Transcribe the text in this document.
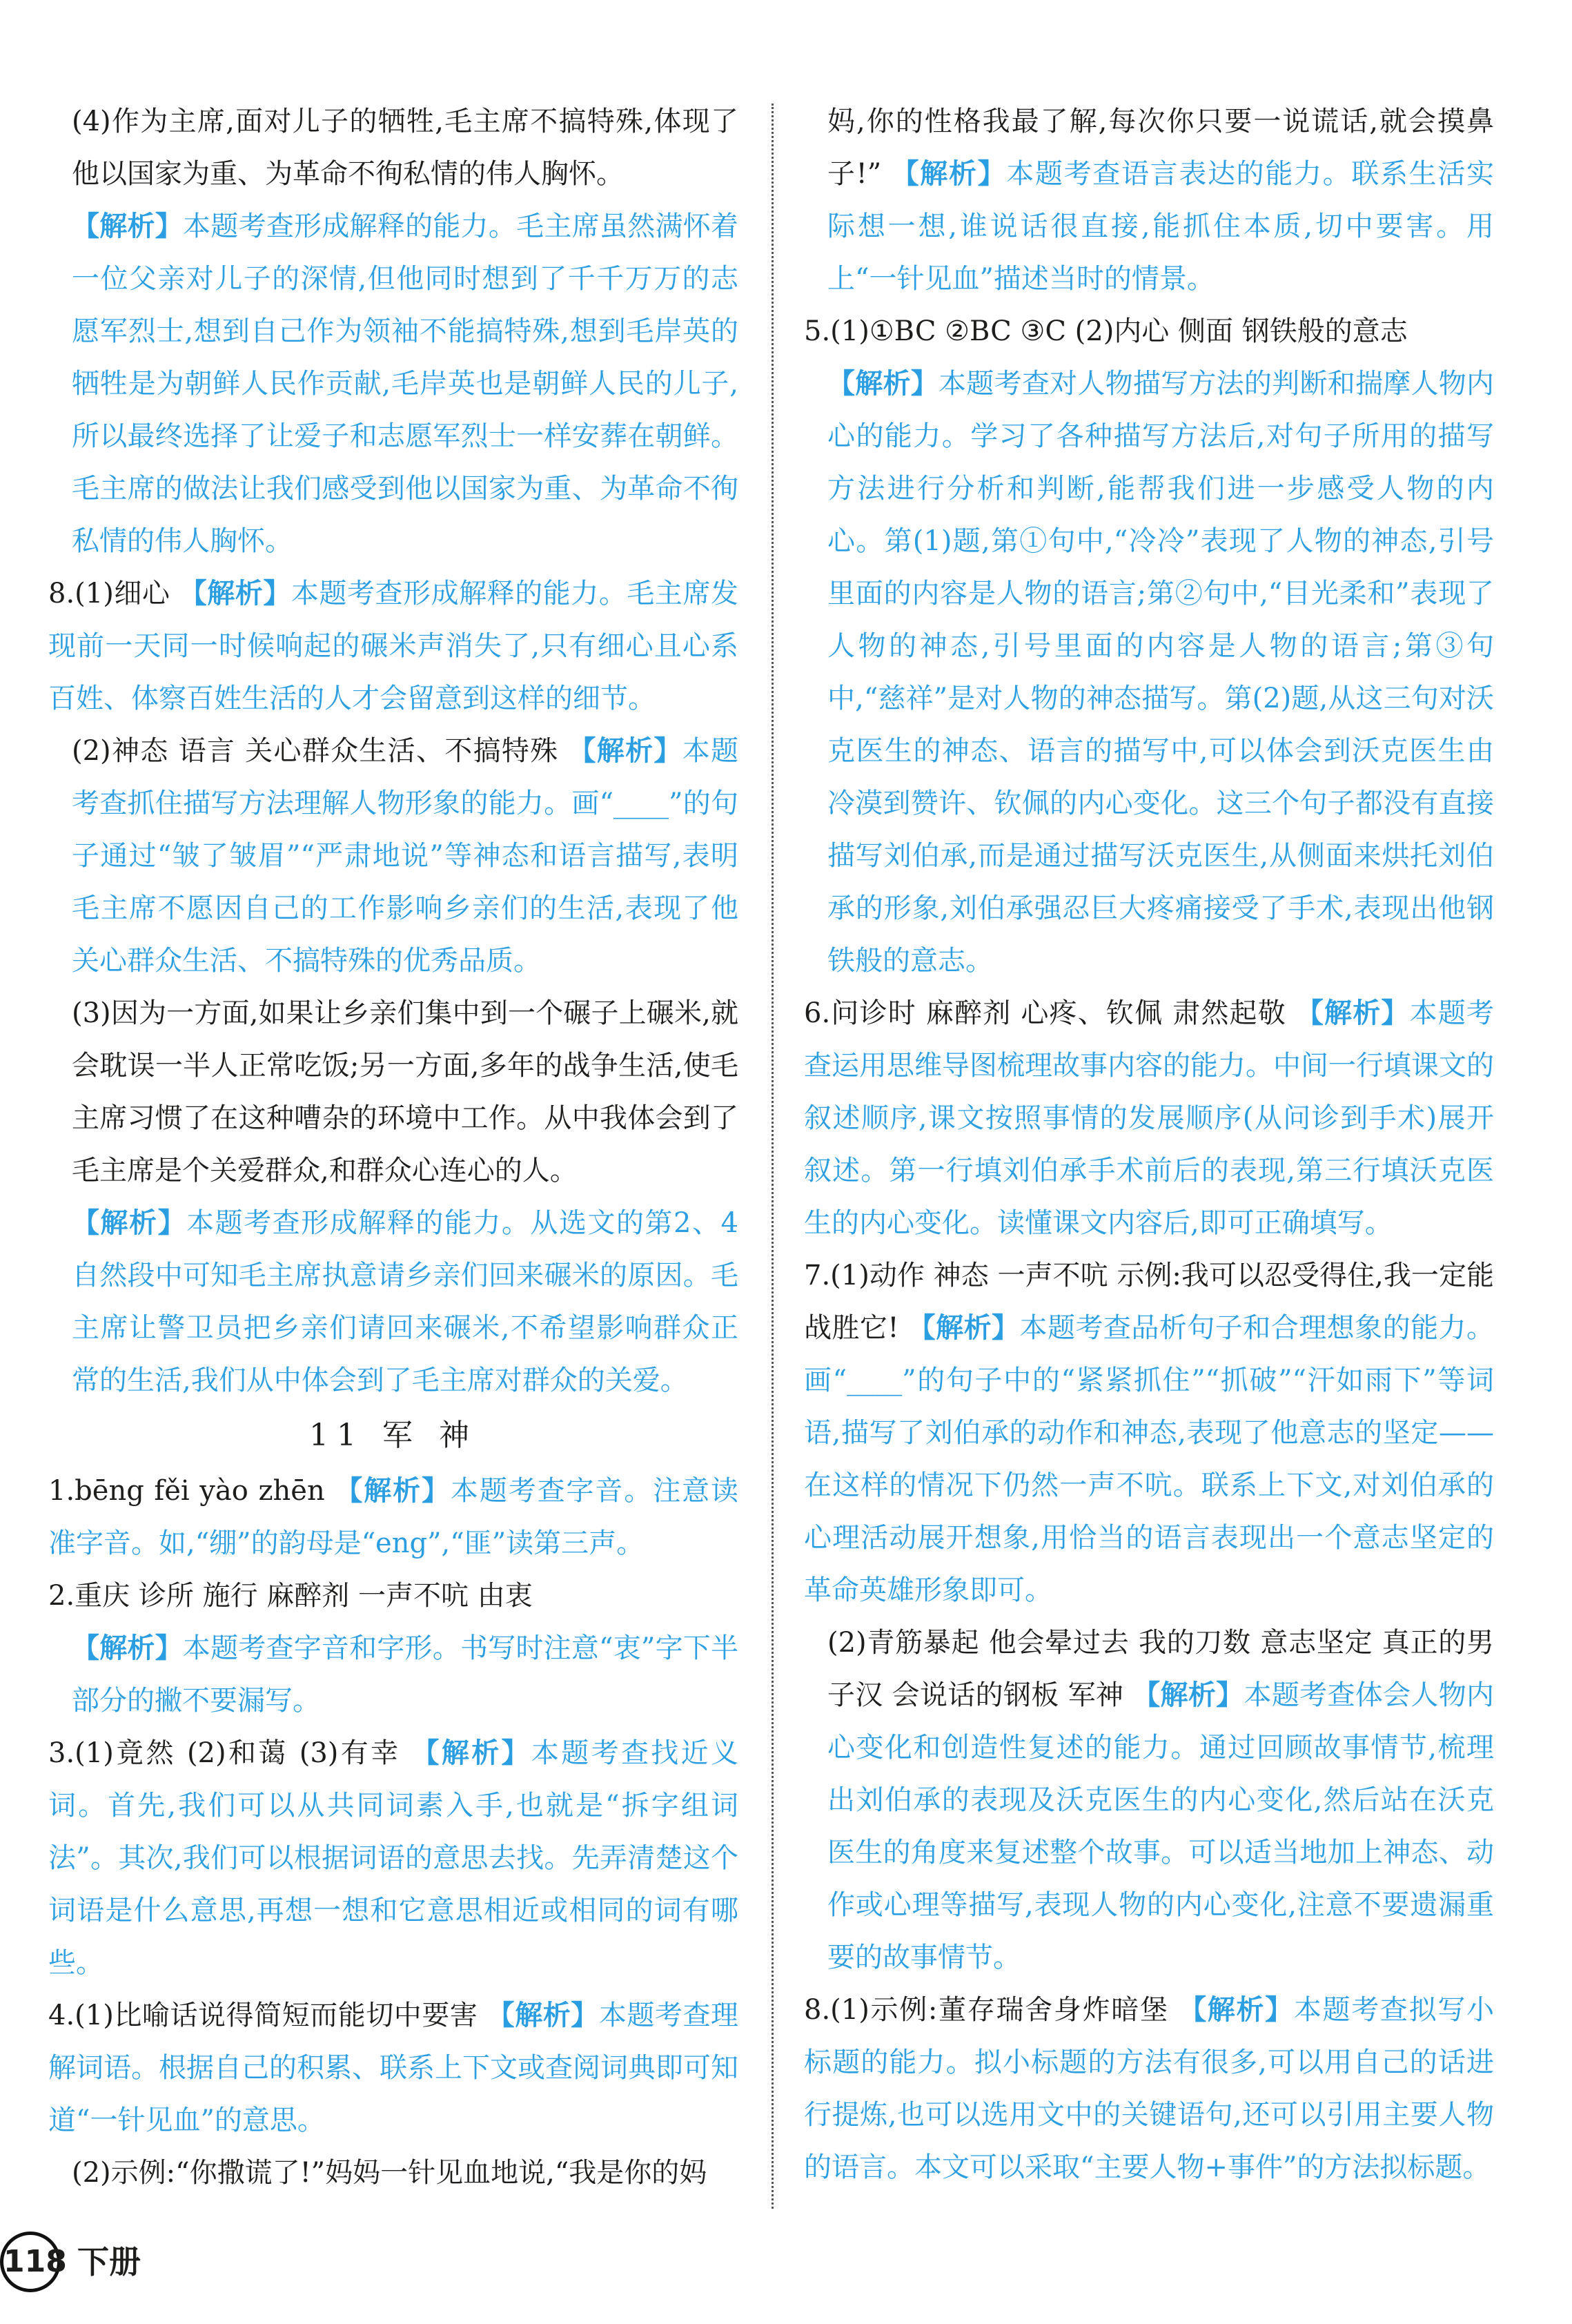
(4)作为主席,面对儿子的牺牲,毛主席不搞特殊,体现了他以国家为重、为革命不徇私情的伟人胸怀。

【解析】本题考查形成解释的能力。毛主席虽然满怀着一位父亲对儿子的深情,但他同时想到了千千万万的志愿军烈士,想到自己作为领袖不能搞特殊,想到毛岸英的牺牲是为朝鲜人民作贡献,毛岸英也是朝鲜人民的儿子,所以最终选择了让爱子和志愿军烈士一样安葬在朝鲜。毛主席的做法让我们感受到他以国家为重、为革命不徇私情的伟人胸怀。

8.(1)细心 【解析】本题考查形成解释的能力。毛主席发现前一天同一时候响起的碾米声消失了,只有细心且心系百姓、体察百姓生活的人才会留意到这样的细节。

(2)神态 语言 关心群众生活、不搞特殊 【解析】本题考查抓住描写方法理解人物形象的能力。画“____”的句子通过“皱了皱眉”“严肃地说”等神态和语言描写,表明毛主席不愿因自己的工作影响乡亲们的生活,表现了他关心群众生活、不搞特殊的优秀品质。

(3)因为一方面,如果让乡亲们集中到一个碾子上碾米,就会耽误一半人正常吃饭;另一方面,多年的战争生活,使毛主席习惯了在这种嘈杂的环境中工作。从中我体会到了毛主席是个关爱群众,和群众心连心的人。

【解析】本题考查形成解释的能力。从选文的第2、4自然段中可知毛主席执意请乡亲们回来碾米的原因。毛主席让警卫员把乡亲们请回来碾米,不希望影响群众正常的生活,我们从中体会到了毛主席对群众的关爱。

11 军 神

1.bēng fěi yào zhēn 【解析】本题考查字音。注意读准字音。如,“绷”的韵母是“eng”,“匪”读第三声。

2.重庆 诊所 施行 麻醉剂 一声不吭 由衷

【解析】本题考查字音和字形。书写时注意“衷”字下半部分的撇不要漏写。

3.(1)竟然 (2)和蔼 (3)有幸 【解析】本题考查找近义词。首先,我们可以从共同词素入手,也就是“拆字组词法”。其次,我们可以根据词语的意思去找。先弄清楚这个词语是什么意思,再想一想和它意思相近或相同的词有哪些。

4.(1)比喻话说得简短而能切中要害 【解析】本题考查理解词语。根据自己的积累、联系上下文或查阅词典即可知道“一针见血”的意思。

(2)示例:“你撒谎了!”妈妈一针见血地说,“我是你的妈

妈,你的性格我最了解,每次你只要一说谎话,就会摸鼻子!” 【解析】本题考查语言表达的能力。联系生活实际想一想,谁说话很直接,能抓住本质,切中要害。用上“一针见血”描述当时的情景。

5.(1)①BC ②BC ③C (2)内心 侧面 钢铁般的意志

【解析】本题考查对人物描写方法的判断和揣摩人物内心的能力。学习了各种描写方法后,对句子所用的描写方法进行分析和判断,能帮我们进一步感受人物的内心。第(1)题,第①句中,“冷冷”表现了人物的神态,引号里面的内容是人物的语言;第②句中,“目光柔和”表现了人物的神态,引号里面的内容是人物的语言;第③句中,“慈祥”是对人物的神态描写。第(2)题,从这三句对沃克医生的神态、语言的描写中,可以体会到沃克医生由冷漠到赞许、钦佩的内心变化。这三个句子都没有直接描写刘伯承,而是通过描写沃克医生,从侧面来烘托刘伯承的形象,刘伯承强忍巨大疼痛接受了手术,表现出他钢铁般的意志。

6.问诊时 麻醉剂 心疼、钦佩 肃然起敬 【解析】本题考查运用思维导图梳理故事内容的能力。中间一行填课文的叙述顺序,课文按照事情的发展顺序(从问诊到手术)展开叙述。第一行填刘伯承手术前后的表现,第三行填沃克医生的内心变化。读懂课文内容后,即可正确填写。

7.(1)动作 神态 一声不吭 示例:我可以忍受得住,我一定能战胜它! 【解析】本题考查品析句子和合理想象的能力。画“____”的句子中的“紧紧抓住”“抓破”“汗如雨下”等词语,描写了刘伯承的动作和神态,表现了他意志的坚定——在这样的情况下仍然一声不吭。联系上下文,对刘伯承的心理活动展开想象,用恰当的语言表现出一个意志坚定的革命英雄形象即可。

(2)青筋暴起 他会晕过去 我的刀数 意志坚定 真正的男子汉 会说话的钢板 军神 【解析】本题考查体会人物内心变化和创造性复述的能力。通过回顾故事情节,梳理出刘伯承的表现及沃克医生的内心变化,然后站在沃克医生的角度来复述整个故事。可以适当地加上神态、动作或心理等描写,表现人物的内心变化,注意不要遗漏重要的故事情节。

8.(1)示例:董存瑞舍身炸暗堡 【解析】本题考查拟写小标题的能力。拟小标题的方法有很多,可以用自己的话进行提炼,也可以选用文中的关键语句,还可以引用主要人物的语言。本文可以采取“主要人物+事件”的方法拟标题。

118 下册
